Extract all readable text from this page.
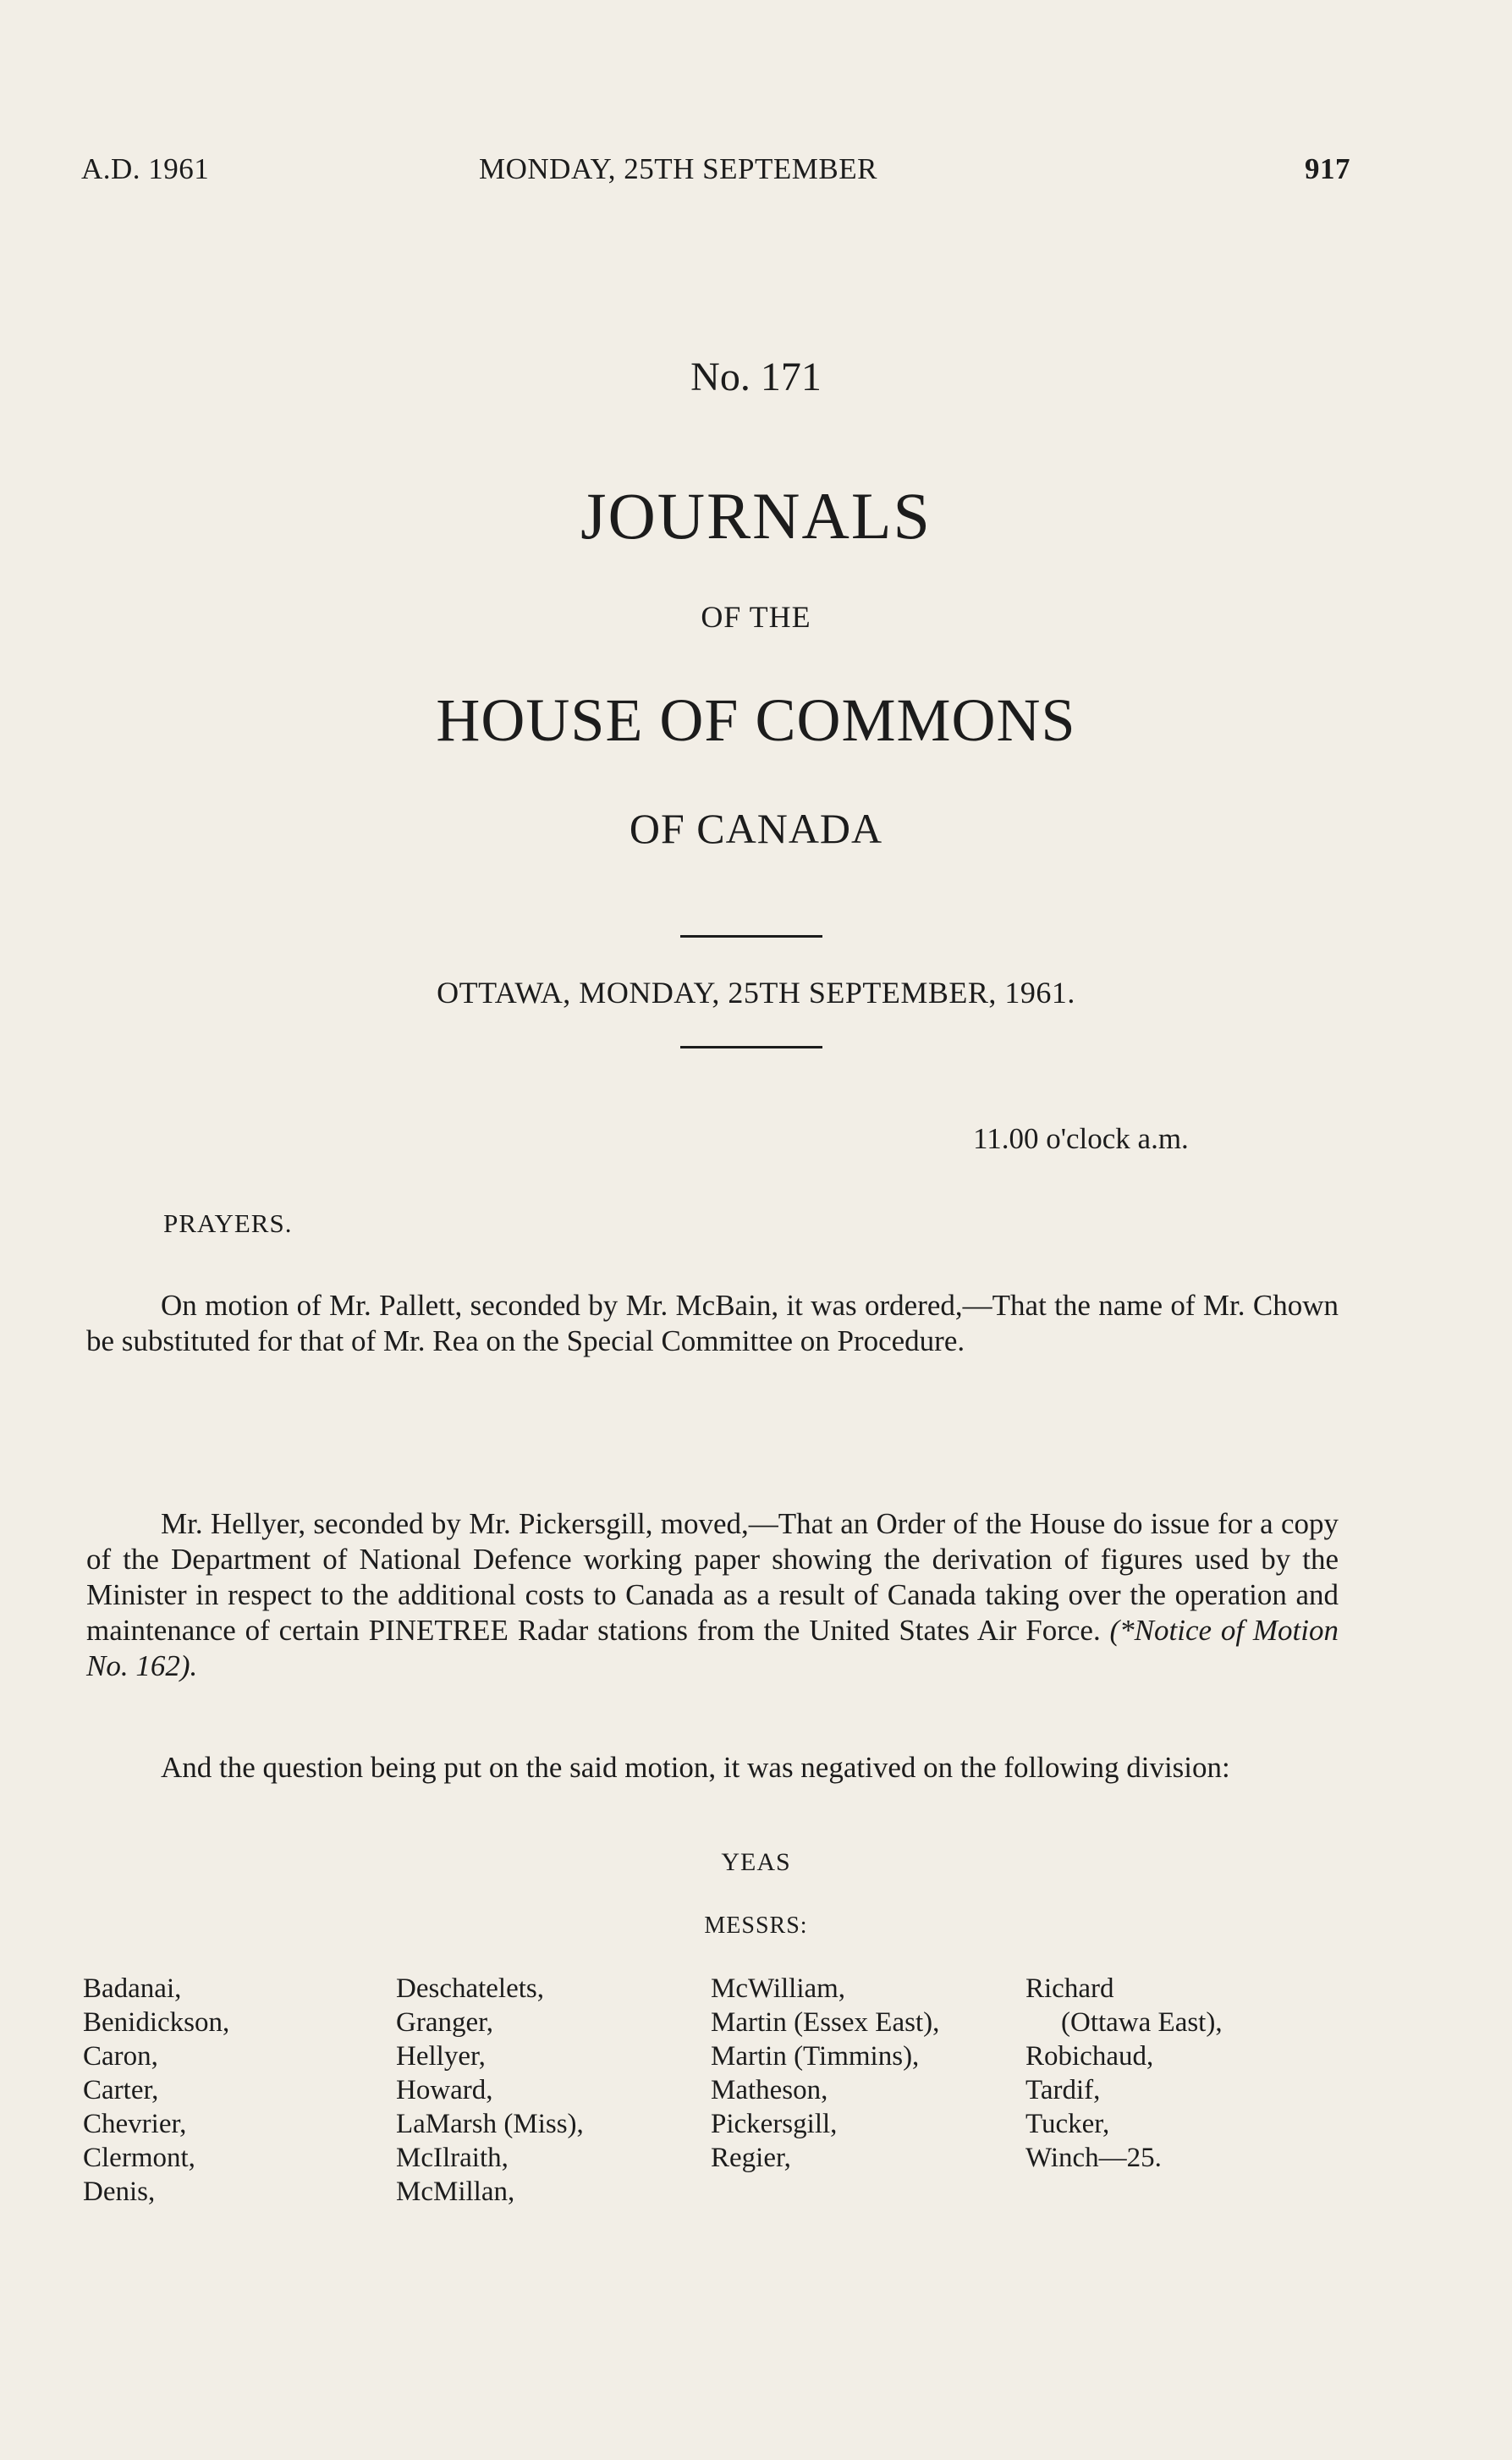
A.D. 1961	MONDAY, 25TH SEPTEMBER	917
No. 171
JOURNALS
OF THE
HOUSE OF COMMONS
OF CANADA
OTTAWA, MONDAY, 25TH SEPTEMBER, 1961.
11.00 o'clock a.m.
PRAYERS.
On motion of Mr. Pallett, seconded by Mr. McBain, it was ordered,—That the name of Mr. Chown be substituted for that of Mr. Rea on the Special Committee on Procedure.
Mr. Hellyer, seconded by Mr. Pickersgill, moved,—That an Order of the House do issue for a copy of the Department of National Defence working paper showing the derivation of figures used by the Minister in respect to the additional costs to Canada as a result of Canada taking over the operation and maintenance of certain PINETREE Radar stations from the United States Air Force. (*Notice of Motion No. 162).
And the question being put on the said motion, it was negatived on the following division:
YEAS
MESSRS:
Badanai,
Benidickson,
Caron,
Carter,
Chevrier,
Clermont,
Denis,
Deschatelets,
Granger,
Hellyer,
Howard,
LaMarsh (Miss),
McIlraith,
McMillan,
McWilliam,
Martin (Essex East),
Martin (Timmins),
Matheson,
Pickersgill,
Regier,
Richard
(Ottawa East),
Robichaud,
Tardif,
Tucker,
Winch—25.
